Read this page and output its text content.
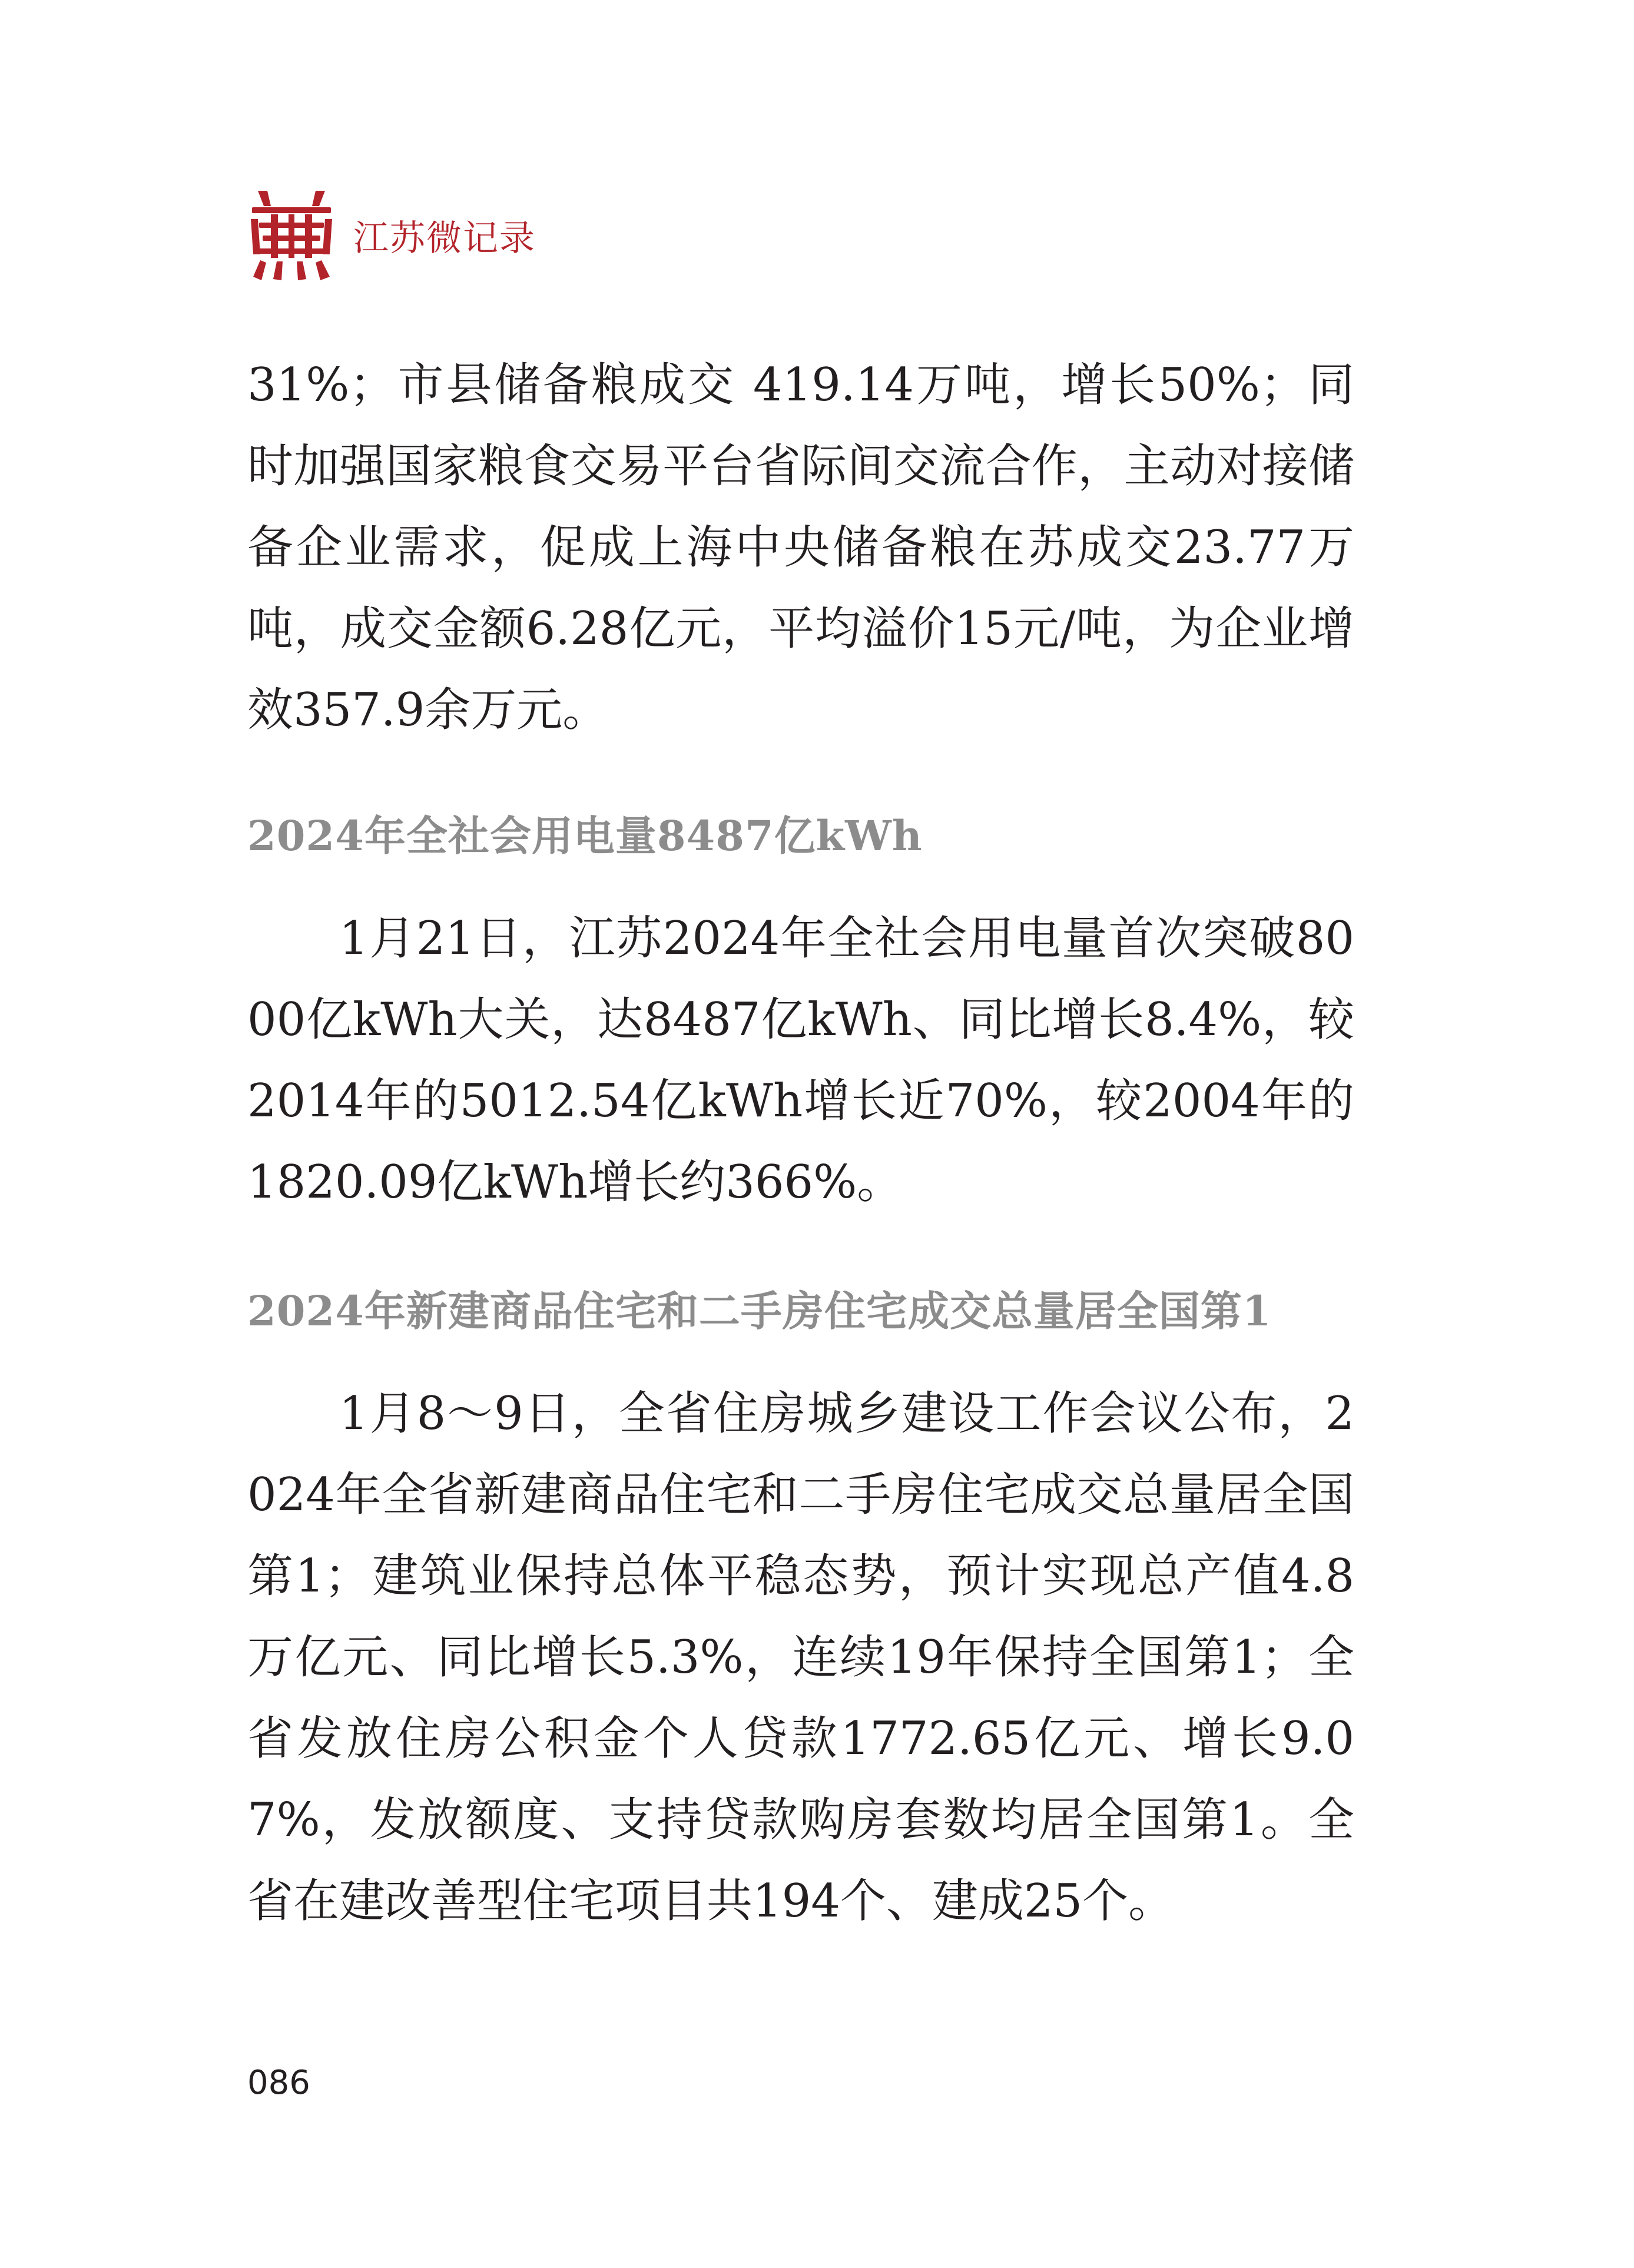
江苏微记录

31%；市县储备粮成交 419.14万吨，增长50%；同时加强国家粮食交易平台省际间交流合作，主动对接储备企业需求，促成上海中央储备粮在苏成交23.77万吨，成交金额6.28亿元，平均溢价15元/吨，为企业增效357.9余万元。

2024年全社会用电量8487亿kWh

1月21日，江苏2024年全社会用电量首次突破8000亿kWh大关，达8487亿kWh、同比增长8.4%，较2014年的5012.54亿kWh增长近70%，较2004年的1820.09亿kWh增长约366%。

2024年新建商品住宅和二手房住宅成交总量居全国第1

1月8～9日，全省住房城乡建设工作会议公布，2024年全省新建商品住宅和二手房住宅成交总量居全国第1；建筑业保持总体平稳态势，预计实现总产值4.8万亿元、同比增长5.3%，连续19年保持全国第1；全省发放住房公积金个人贷款1772.65亿元、增长9.07%，发放额度、支持贷款购房套数均居全国第1。全省在建改善型住宅项目共194个、建成25个。

086
